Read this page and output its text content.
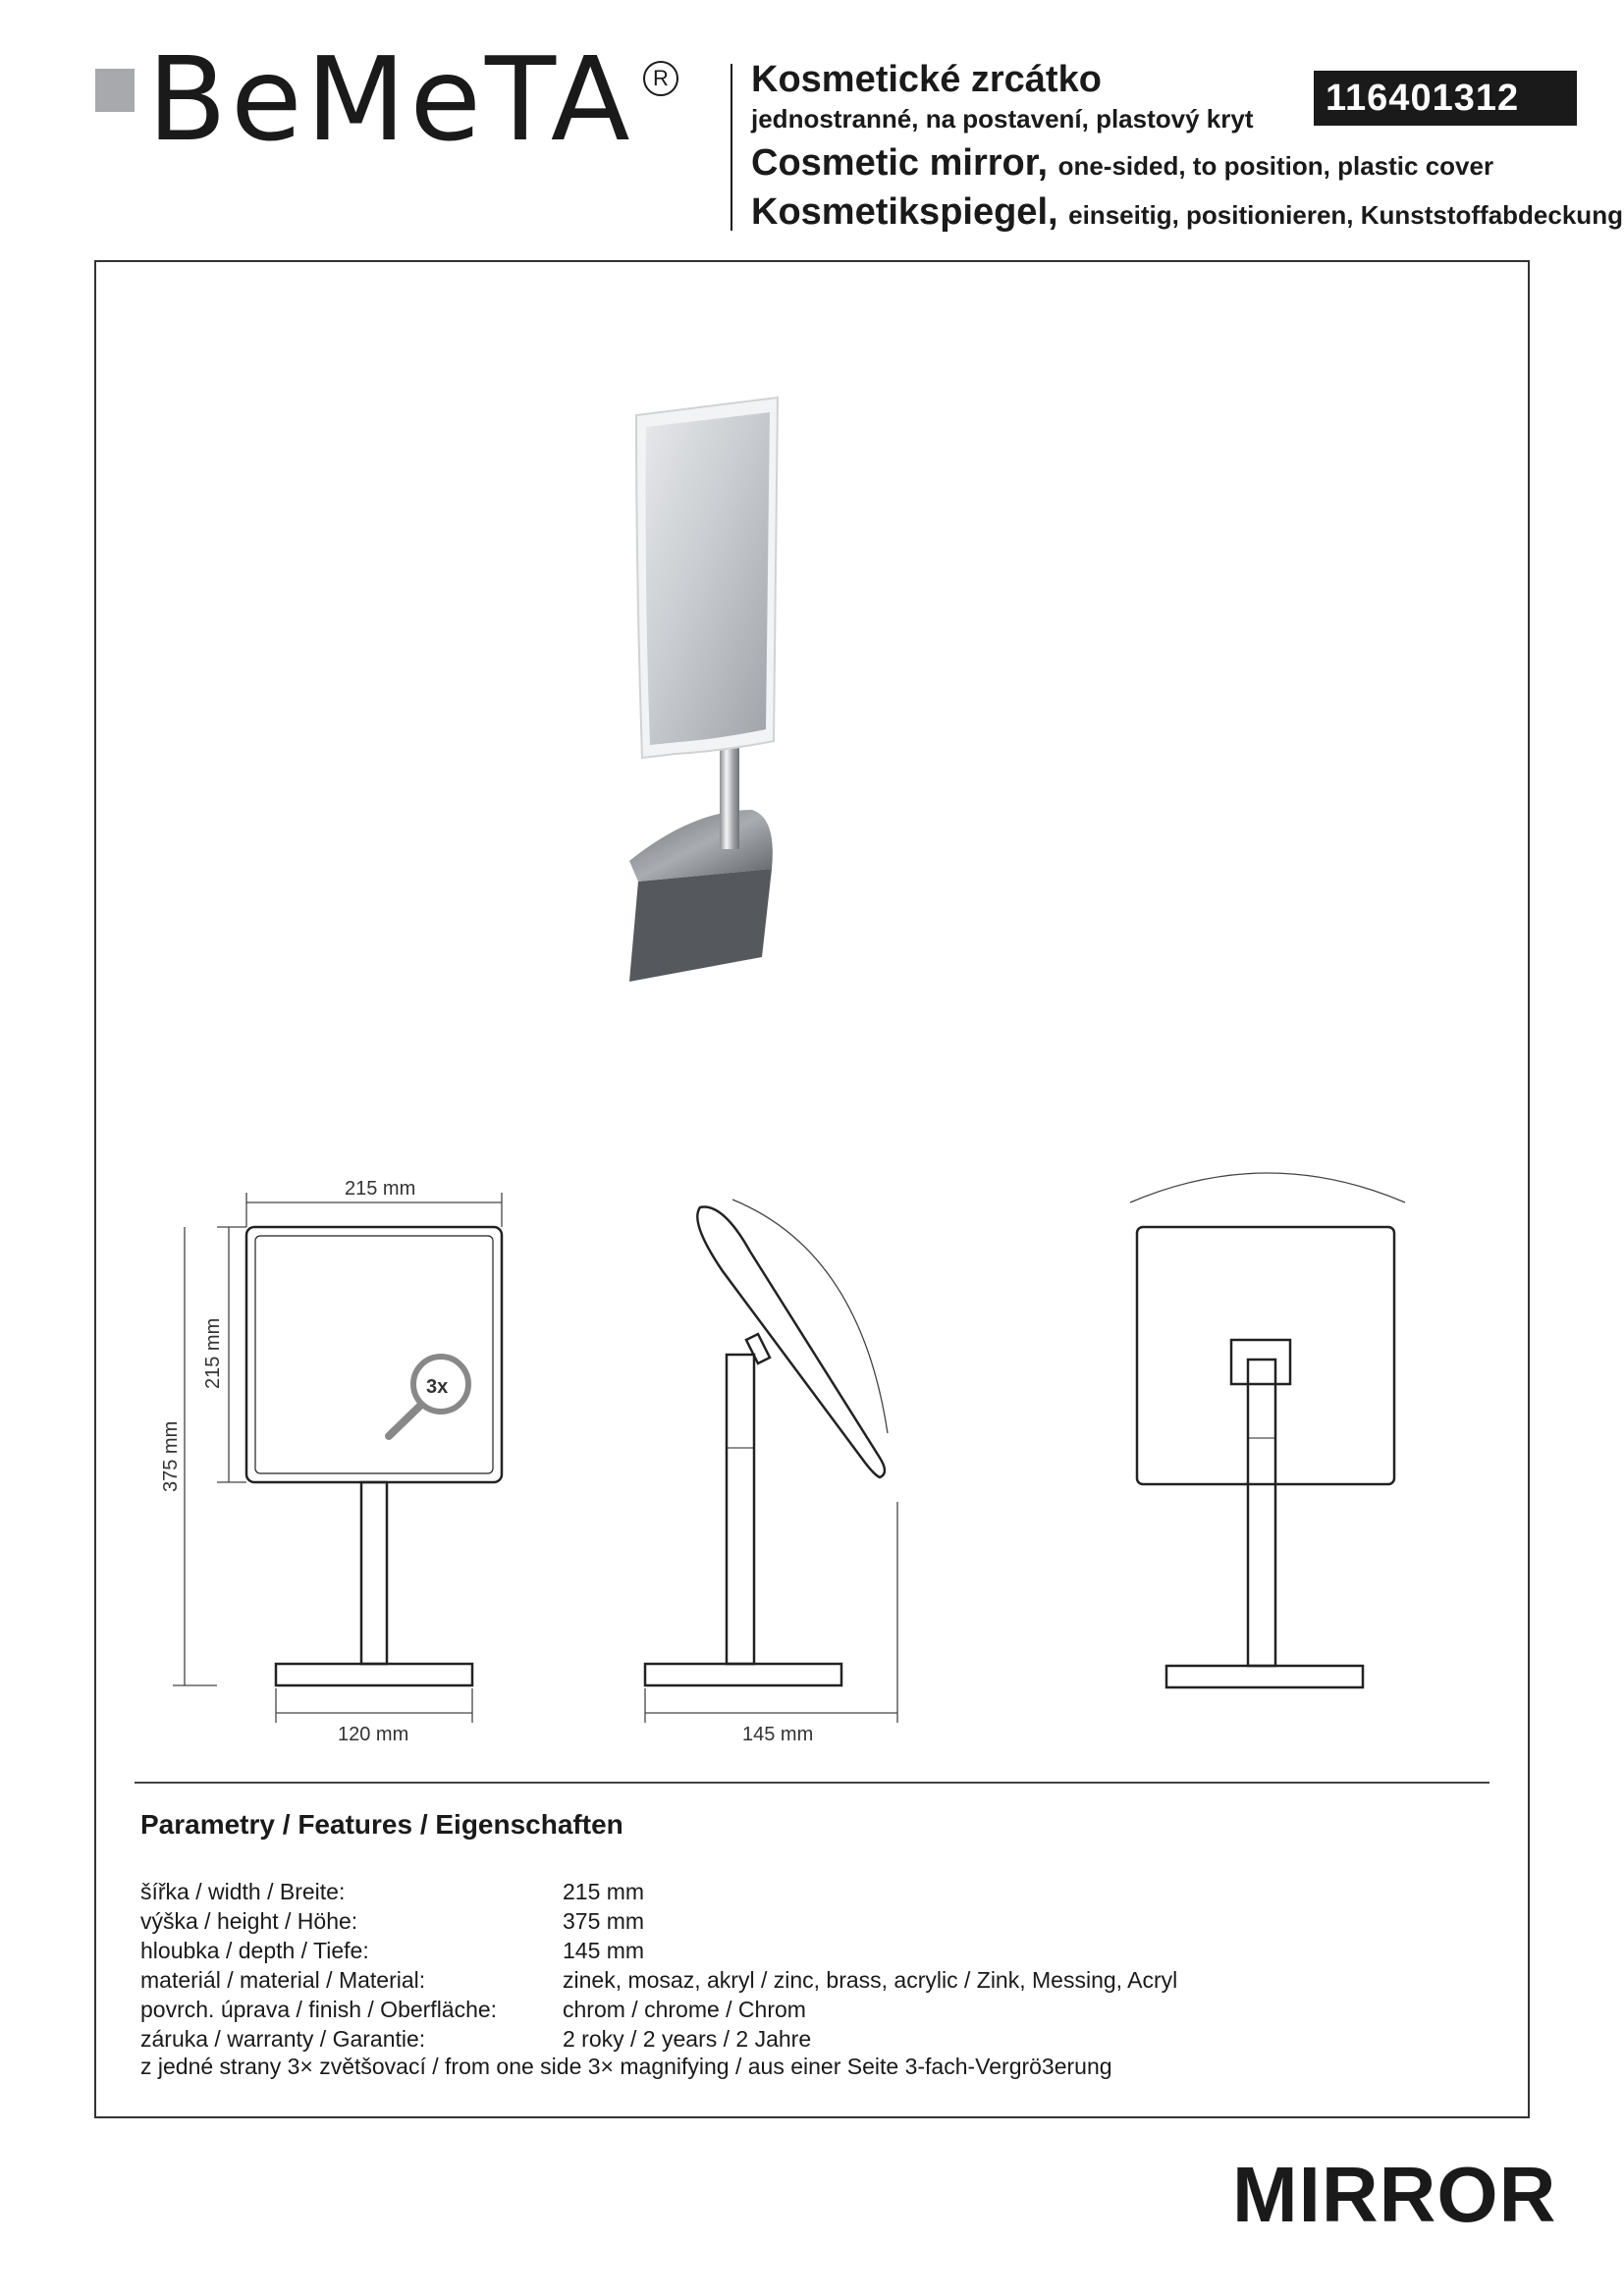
BeMeTA R Kosmetické zrcátko
jednostranné, na postavení, plastový kryt
Cosmetic mirror, one-sided, to position, plastic cover
Kosmetikspiegel, einseitig, positionieren, Kunststoffabdeckung
116401312
3x
215 mm
215 mm
375 mm
120 mm	145 mm
Parametry / Features / Eigenschaften
šířka / width / Breite:	215 mm
výška / height / Höhe:	375 mm
hloubka / depth / Tiefe:	145 mm
materiál / material / Material:	zinek, mosaz, akryl / zinc, brass, acrylic / Zink, Messing, Acryl
povrch. úprava / finish / Oberfläche:	chrom / chrome / Chrom
záruka / warranty / Garantie:	2 roky / 2 years / 2 Jahre
z jedné strany 3× zvětšovací / from one side 3× magnifying / aus einer Seite 3-fach-Vergrö3erung
MIRROR
